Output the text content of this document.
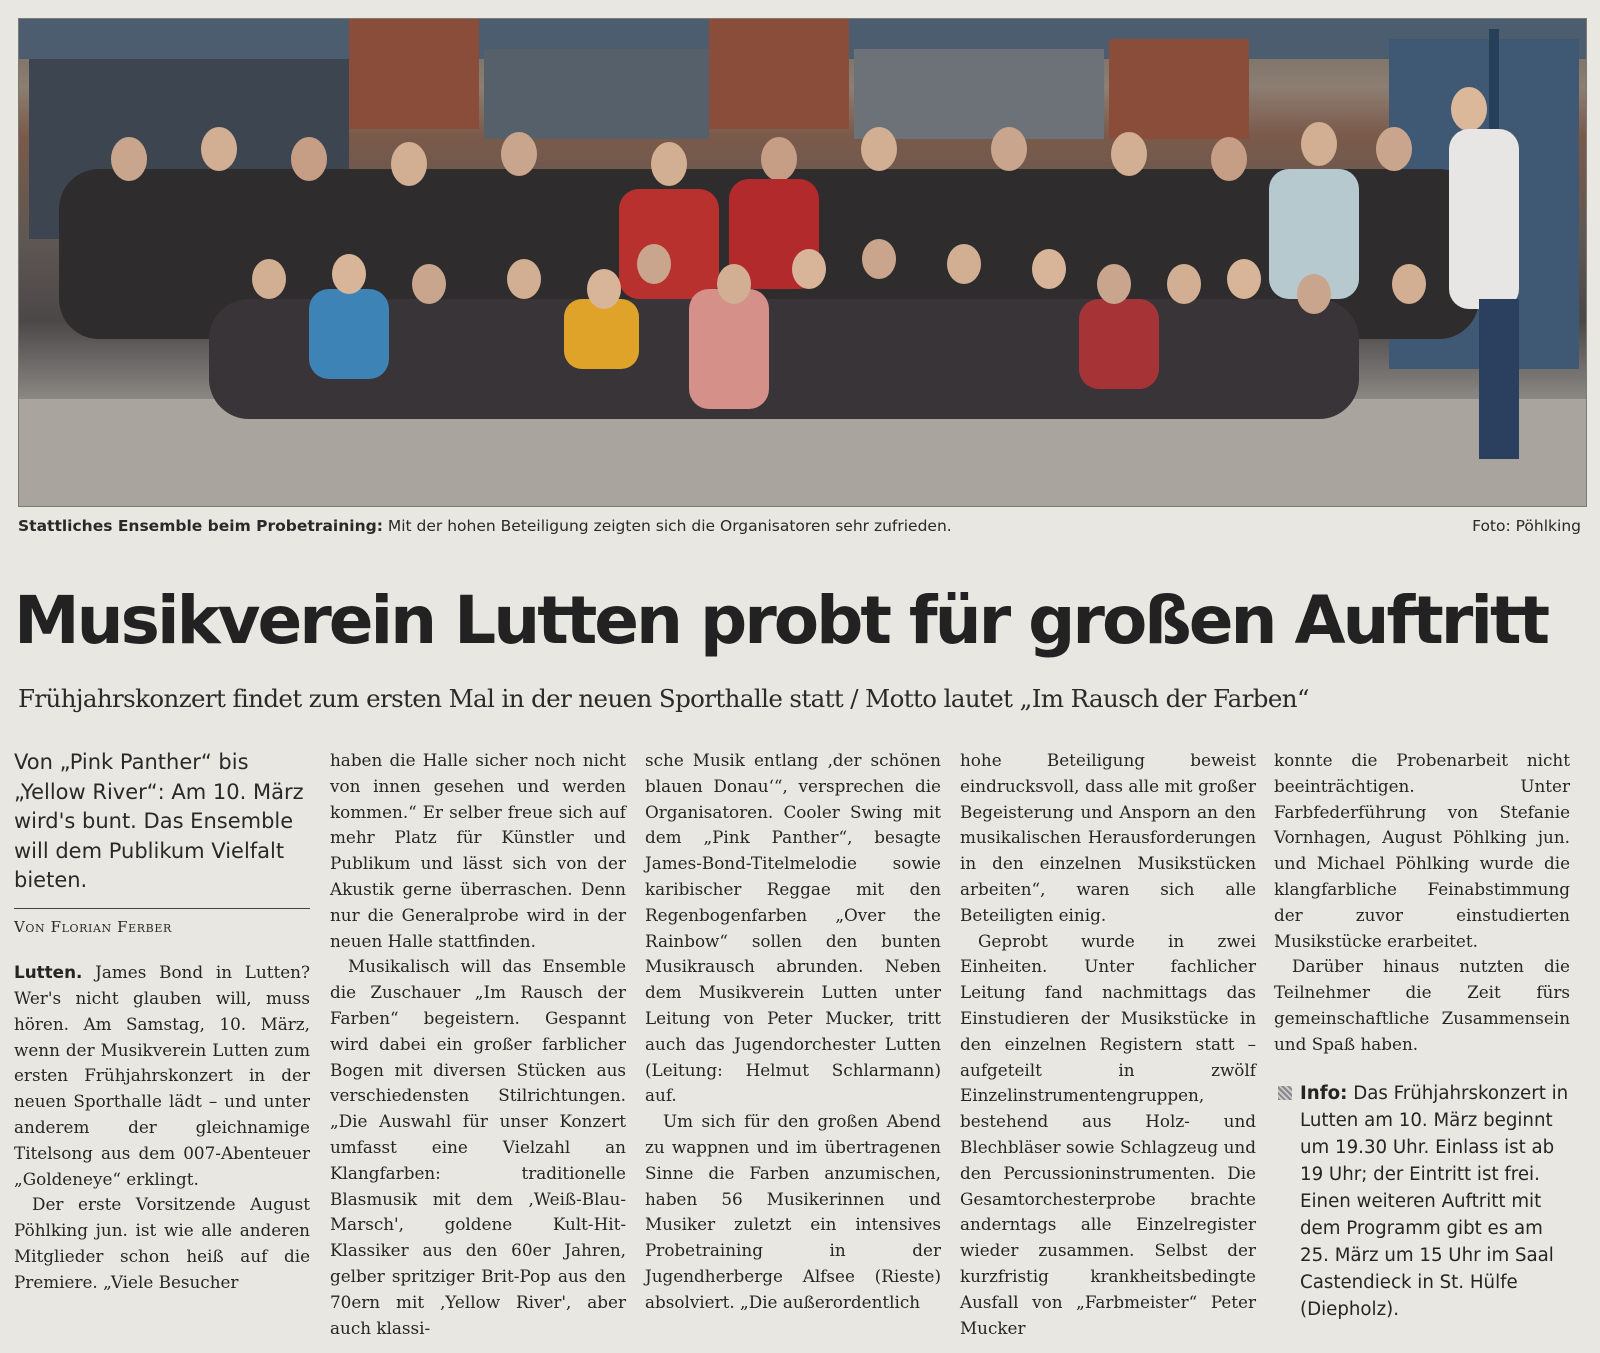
Stattliches Ensemble beim Probetraining: Mit der hohen Beteiligung zeigten sich die Organisatoren sehr zufrieden.	Foto: Pöhlking
Musikverein Lutten probt für großen Auftritt
Frühjahrskonzert findet zum ersten Mal in der neuen Sporthalle statt / Motto lautet „Im Rausch der Farben“
Von „Pink Panther“ bis „Yellow River“: Am 10. März wird's bunt. Das Ensemble will dem Publikum Vielfalt bieten.
Von Florian Ferber

Lutten. James Bond in Lutten? Wer's nicht glauben will, muss hören. Am Samstag, 10. März, wenn der Musikverein Lutten zum ersten Frühjahrskonzert in der neuen Sporthalle lädt – und unter anderem der gleichnamige Titelsong aus dem 007-Abenteuer „Goldeneye“ erklingt.

Der erste Vorsitzende August Pöhlking jun. ist wie alle anderen Mitglieder schon heiß auf die Premiere. „Viele Besucher

haben die Halle sicher noch nicht von innen gesehen und werden kommen.“ Er selber freue sich auf mehr Platz für Künstler und Publikum und lässt sich von der Akustik gerne überraschen. Denn nur die Generalprobe wird in der neuen Halle stattfinden.

Musikalisch will das Ensemble die Zuschauer „Im Rausch der Farben“ begeistern. Gespannt wird dabei ein großer farblicher Bogen mit diversen Stücken aus verschiedensten Stilrichtungen. „Die Auswahl für unser Konzert umfasst eine Vielzahl an Klangfarben: traditionelle Blasmusik mit dem ‚Weiß-Blau-Marsch', goldene Kult-Hit-Klassiker aus den 60er Jahren, gelber spritziger Brit-Pop aus den 70ern mit ‚Yellow River', aber auch klassi-

sche Musik entlang ‚der schönen blauen Donau‘“, versprechen die Organisatoren. Cooler Swing mit dem „Pink Panther“, besagte James-Bond-Titelmelodie sowie karibischer Reggae mit den Regenbogenfarben „Over the Rainbow“ sollen den bunten Musikrausch abrunden. Neben dem Musikverein Lutten unter Leitung von Peter Mucker, tritt auch das Jugendorchester Lutten (Leitung: Helmut Schlarmann) auf.

Um sich für den großen Abend zu wappnen und im übertragenen Sinne die Farben anzumischen, haben 56 Musikerinnen und Musiker zuletzt ein intensives Probetraining in der Jugendherberge Alfsee (Rieste) absolviert. „Die außerordentlich

hohe Beteiligung beweist eindrucksvoll, dass alle mit großer Begeisterung und Ansporn an den musikalischen Herausforderungen in den einzelnen Musikstücken arbeiten“, waren sich alle Beteiligten einig.

Geprobt wurde in zwei Einheiten. Unter fachlicher Leitung fand nachmittags das Einstudieren der Musikstücke in den einzelnen Registern statt – aufgeteilt in zwölf Einzelinstrumentengruppen, bestehend aus Holz- und Blechbläser sowie Schlagzeug und den Percussioninstrumenten. Die Gesamtorchesterprobe brachte anderntags alle Einzelregister wieder zusammen. Selbst der kurzfristig krankheitsbedingte Ausfall von „Farbmeister“ Peter Mucker

konnte die Probenarbeit nicht beeinträchtigen. Unter Farbfederführung von Stefanie Vornhagen, August Pöhlking jun. und Michael Pöhlking wurde die klangfarbliche Feinabstimmung der zuvor einstudierten Musikstücke erarbeitet.

Darüber hinaus nutzten die Teilnehmer die Zeit fürs gemeinschaftliche Zusammensein und Spaß haben.

Info: Das Frühjahrskonzert in Lutten am 10. März beginnt um 19.30 Uhr. Einlass ist ab 19 Uhr; der Eintritt ist frei. Einen weiteren Auftritt mit dem Programm gibt es am 25. März um 15 Uhr im Saal Castendieck in St. Hülfe (Diepholz).
